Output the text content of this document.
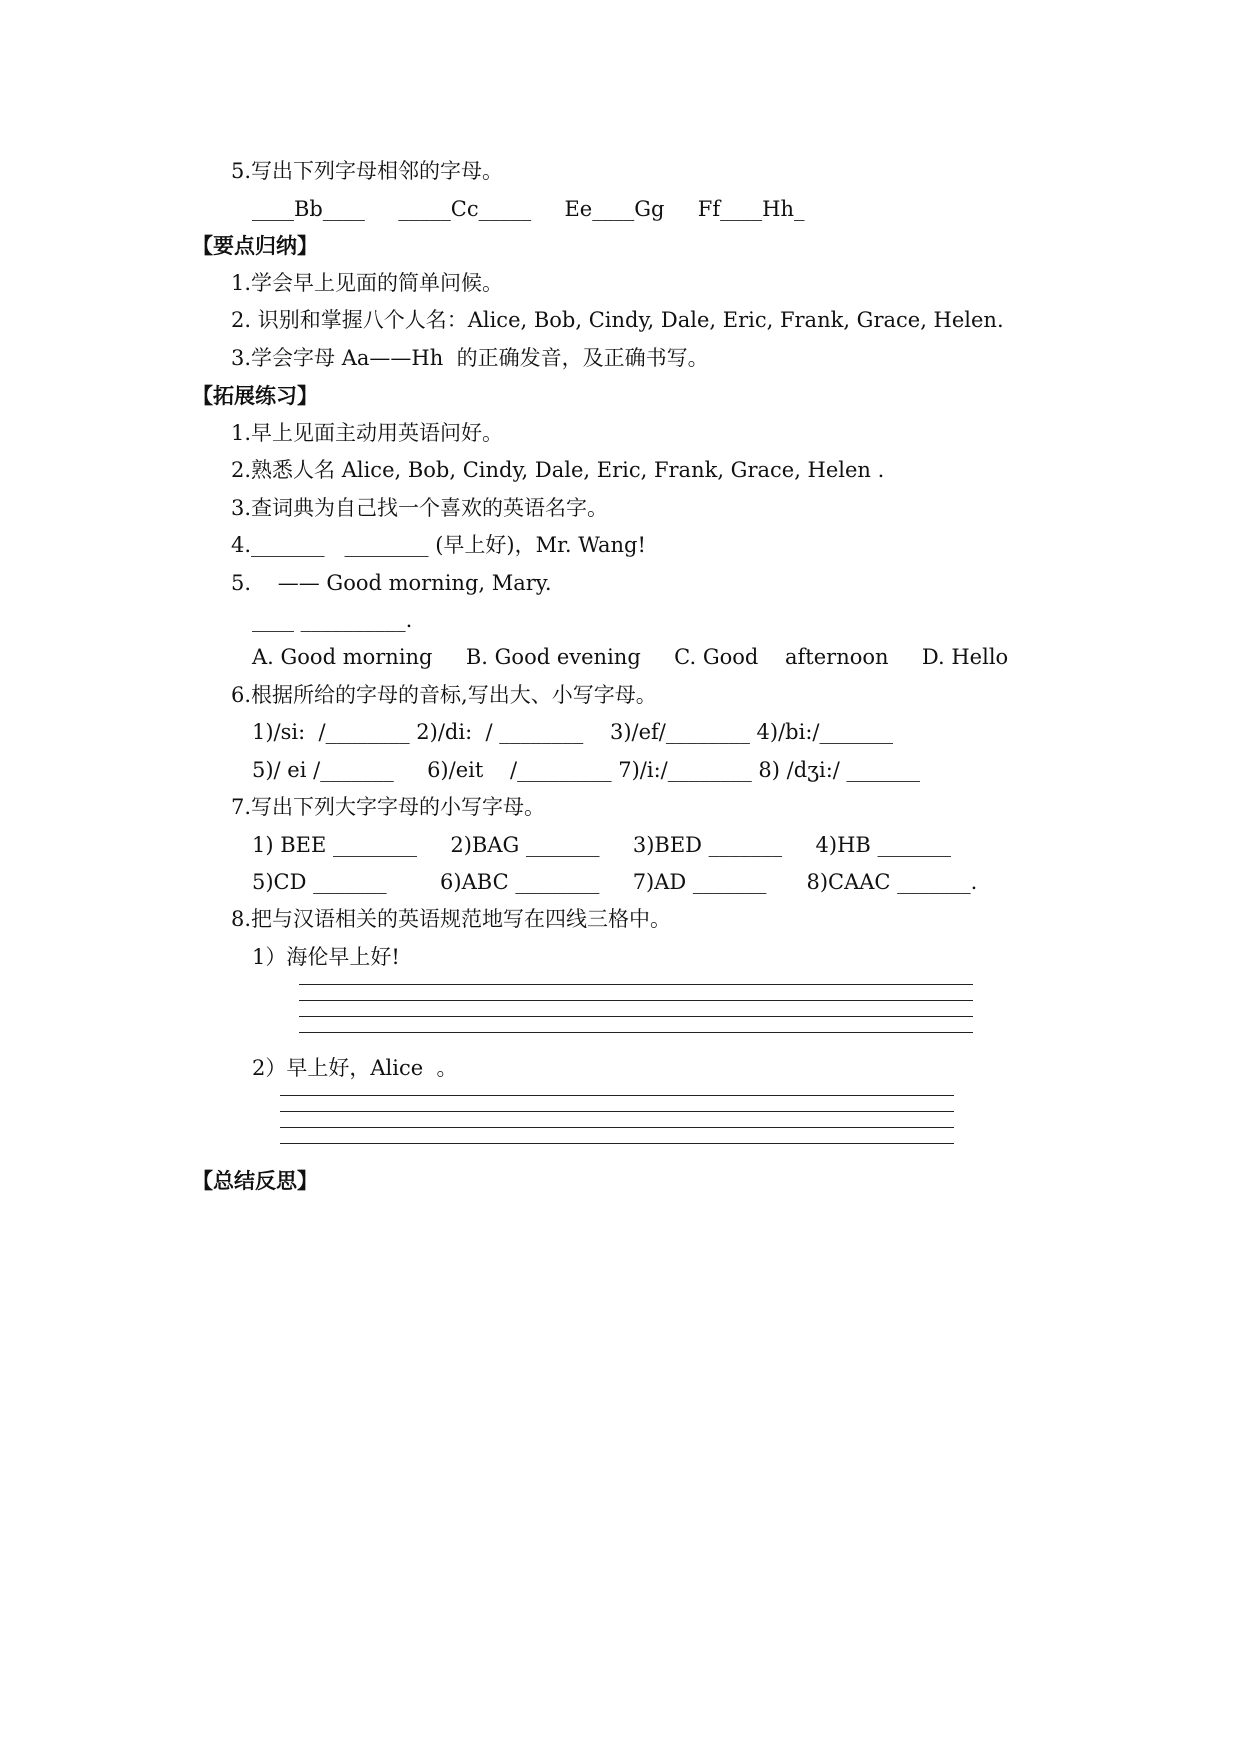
5.写出下列字母相邻的字母。
____Bb____     _____Cc_____     Ee____Gg     Ff____Hh_
【要点归纳】
1.学会早上见面的简单问候。
2. 识别和掌握八个人名：Alice, Bob, Cindy, Dale, Eric, Frank, Grace, Helen.
3.学会字母 Aa——Hh  的正确发音，及正确书写。
【拓展练习】
1.早上见面主动用英语问好。
2.熟悉人名 Alice, Bob, Cindy, Dale, Eric, Frank, Grace, Helen .
3.查词典为自己找一个喜欢的英语名字。
4._______   ________ (早上好)，Mr. Wang!
5.    —— Good morning, Mary.
____ __________.
A. Good morning     B. Good evening     C. Good    afternoon     D. Hello
6.根据所给的字母的音标,写出大、小写字母。
1)/si:  /________ 2)/di:  / ________    3)/ef/________ 4)/bi:/_______
5)/ ei /_______     6)/eit    /_________ 7)/i:/________ 8) /dʒi:/ _______
7.写出下列大字字母的小写字母。
1) BEE ________     2)BAG _______     3)BED _______     4)HB _______
5)CD _______        6)ABC ________     7)AD _______      8)CAAC _______.
8.把与汉语相关的英语规范地写在四线三格中。
1）海伦早上好!
2）早上好，Alice  。
【总结反思】
